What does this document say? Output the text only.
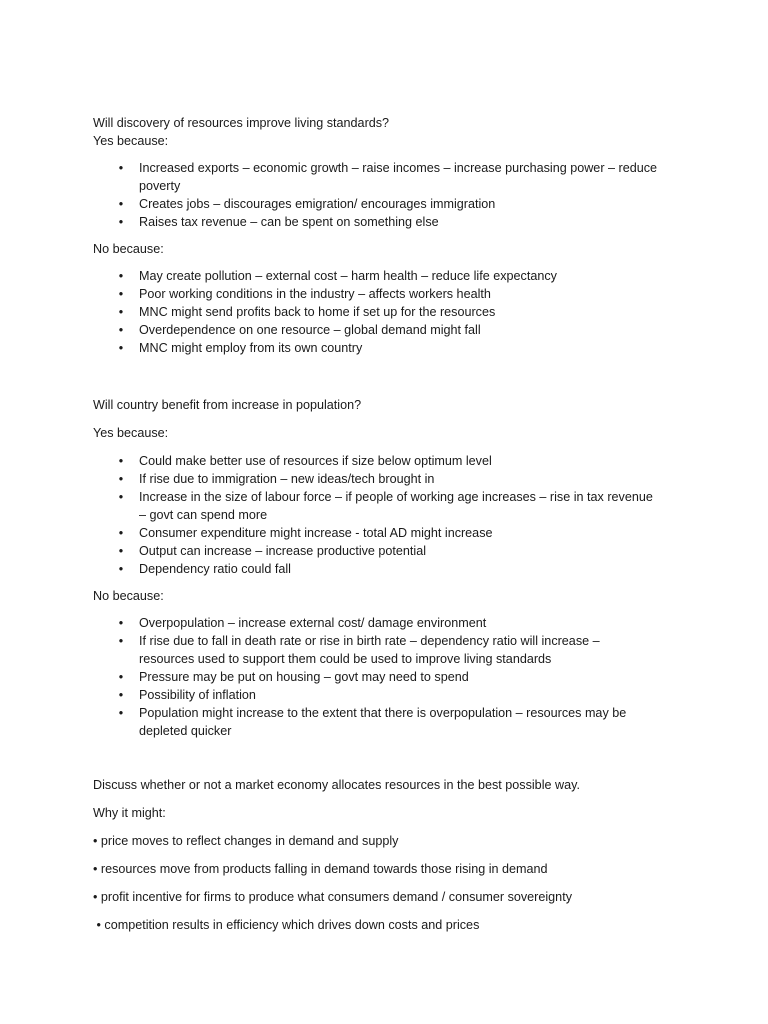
Will discovery of resources improve living standards?
Yes because:
• Increased exports – economic growth – raise incomes – increase purchasing power – reduce
poverty
• Creates jobs – discourages emigration/ encourages immigration
• Raises tax revenue – can be spent on something else
No because:
• May create pollution – external cost – harm health – reduce life expectancy
• Poor working conditions in the industry – affects workers health
• MNC might send profits back to home if set up for the resources
• Overdependence on one resource – global demand might fall
• MNC might employ from its own country
Will country benefit from increase in population?
Yes because:
• Could make better use of resources if size below optimum level
• If rise due to immigration – new ideas/tech brought in
• Increase in the size of labour force – if people of working age increases – rise in tax revenue
– govt can spend more
• Consumer expenditure might increase - total AD might increase
• Output can increase – increase productive potential
• Dependency ratio could fall
No because:
• Overpopulation – increase external cost/ damage environment
• If rise due to fall in death rate or rise in birth rate – dependency ratio will increase –
resources used to support them could be used to improve living standards
• Pressure may be put on housing – govt may need to spend
• Possibility of inflation
• Population might increase to the extent that there is overpopulation – resources may be
depleted quicker
Discuss whether or not a market economy allocates resources in the best possible way.
Why it might:
• price moves to reflect changes in demand and supply
• resources move from products falling in demand towards those rising in demand
• profit incentive for firms to produce what consumers demand / consumer sovereignty
• competition results in efficiency which drives down costs and prices
